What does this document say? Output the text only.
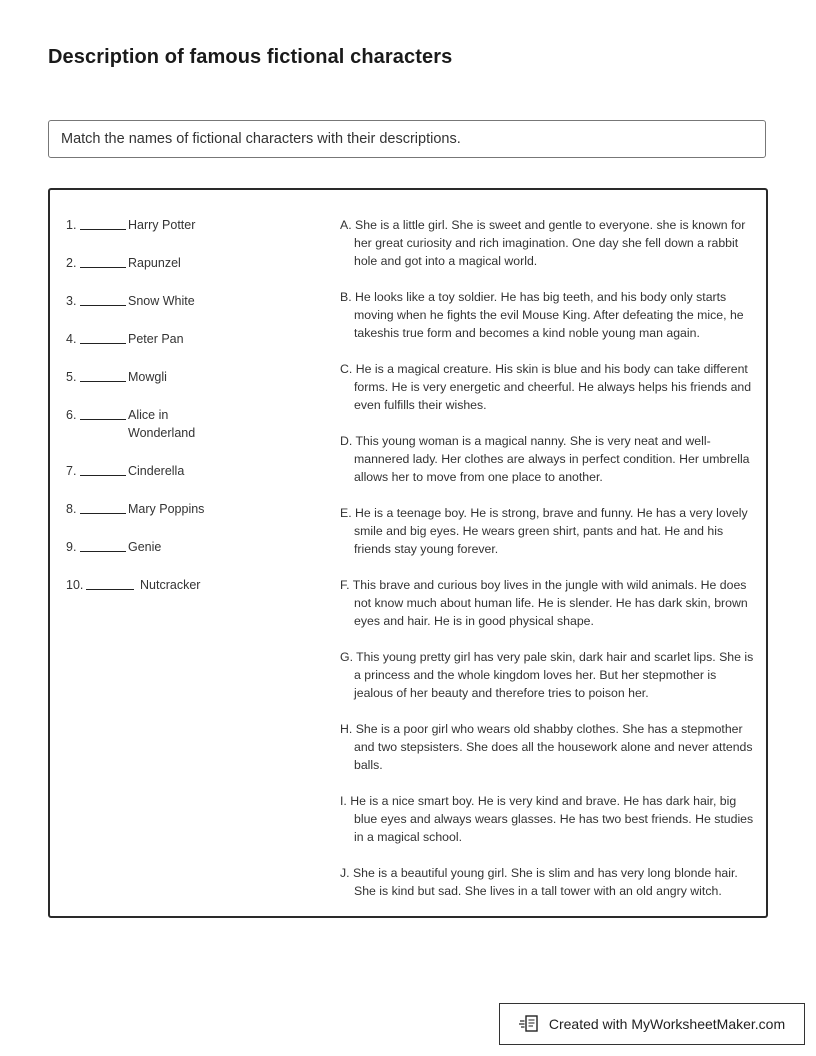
Description of famous fictional characters
Match the names of fictional characters with their descriptions.
1.	Harry Potter
2.	Rapunzel
3.	Snow White
4.	Peter Pan
5.	Mowgli
6.	Alice in Wonderland
7.	Cinderella
8.	Mary Poppins
9.	Genie
10.	Nutcracker
A. She is a little girl. She is sweet and gentle to everyone. she is known for her great curiosity and rich imagination. One day she fell down a rabbit hole and got into a magical world.
B. He looks like a toy soldier. He has big teeth, and his body only starts moving when he fights the evil Mouse King. After defeating the mice, he takeshis true form and becomes a kind noble young man again.
C. He is a magical creature. His skin is blue and his body can take different forms. He is very energetic and cheerful. He always helps his friends and even fulfills their wishes.
D. This young woman is a magical nanny. She is very neat and well-mannered lady. Her clothes are always in perfect condition. Her umbrella allows her to move from one place to another.
E. He is a teenage boy. He is strong, brave and funny. He has a very lovely smile and big eyes. He wears green shirt, pants and hat. He and his friends stay young forever.
F. This brave and curious boy lives in the jungle with wild animals. He does not know much about human life. He is slender. He has dark skin, brown eyes and hair. He is in good physical shape.
G. This young pretty girl has very pale skin, dark hair and scarlet lips. She is a princess and the whole kingdom loves her. But her stepmother is jealous of her beauty and therefore tries to poison her.
H. She is a poor girl who wears old shabby clothes. She has a stepmother and two stepsisters. She does all the housework alone and never attends balls.
I. He is a nice smart boy. He is very kind and brave. He has dark hair, big blue eyes and always wears glasses. He has two best friends. He studies in a magical school.
J. She is a beautiful young girl. She is slim and has very long blonde hair. She is kind but sad. She lives in a tall tower with an old angry witch.
Created with MyWorksheetMaker.com
